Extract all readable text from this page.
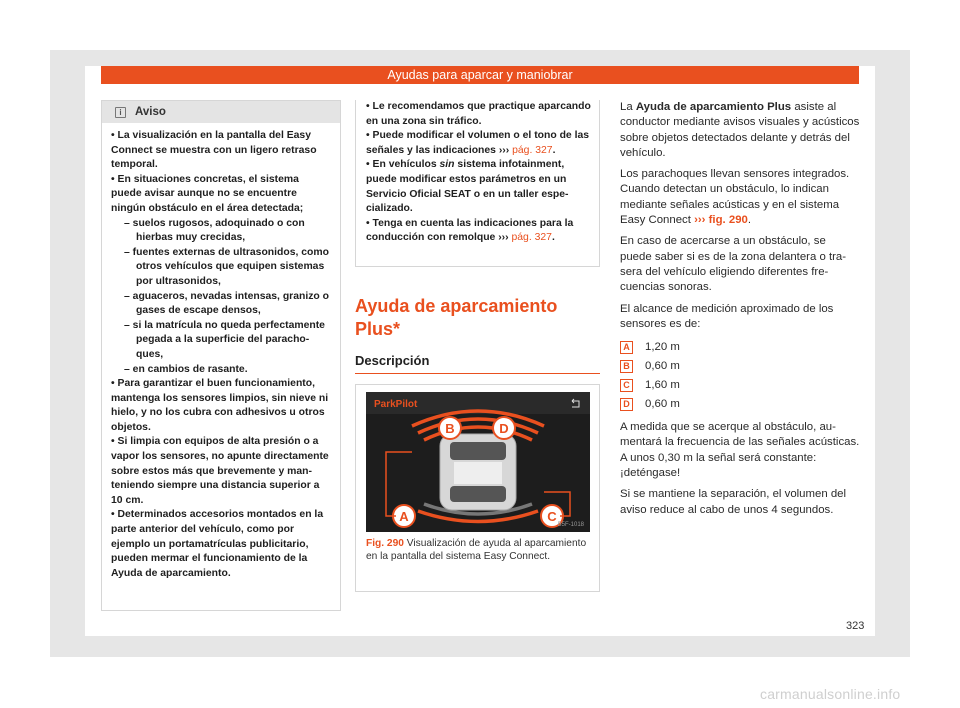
Ayudas para aparcar y maniobrar
i	Aviso

• La visualización en la pantalla del Easy Connect se muestra con un ligero retraso temporal.

• En situaciones concretas, el sistema puede avisar aunque no se encuentre ningún obstáculo en el área detectada;

– suelos rugosos, adoquinado o con hierbas muy crecidas,

– fuentes externas de ultrasonidos, como otros vehículos que equipen sistemas por ultrasonidos,

– aguaceros, nevadas intensas, granizo o gases de escape densos,

– si la matrícula no queda perfectamente pegada a la superficie del parachoques,

– en cambios de rasante.

• Para garantizar el buen funcionamiento, mantenga los sensores limpios, sin nieve ni hielo, y no los cubra con adhesivos u otros objetos.

• Si limpia con equipos de alta presión o a vapor los sensores, no apunte directamente sobre estos más que brevemente y manteniendo siempre una distancia superior a 10 cm.

• Determinados accesorios montados en la parte anterior del vehículo, como por ejemplo un portamatrículas publicitario, pueden mermar el funcionamiento de la Ayuda de aparcamiento.

• Le recomendamos que practique aparcando en una zona sin tráfico.

• Puede modificar el volumen o el tono de las señales y las indicaciones ››› pág. 327.

• En vehículos sin sistema infotainment, puede modificar estos parámetros en un Servicio Oficial SEAT o en un taller especializado.

• Tenga en cuenta las indicaciones para la conducción con remolque ››› pág. 327.

Ayuda de aparcamiento Plus*
Descripción
ParkPilot
B	D
A	C
B5F-1018
Fig. 290 Visualización de ayuda al aparcamiento en la pantalla del sistema Easy Connect.

La Ayuda de aparcamiento Plus asiste al conductor mediante avisos visuales y acústicos sobre objetos detectados delante y detrás del vehículo.

Los parachoques llevan sensores integrados. Cuando detectan un obstáculo, lo indican mediante señales acústicas y en el sistema Easy Connect ››› fig. 290.

En caso de acercarse a un obstáculo, se puede saber si es de la zona delantera o trasera del vehículo eligiendo diferentes frecuencias sonoras.

El alcance de medición aproximado de los sensores es de:

A 1,20 m
B 0,60 m
C 1,60 m
D 0,60 m

A medida que se acerque al obstáculo, aumentará la frecuencia de las señales acústicas. A unos 0,30 m la señal será constante: ¡deténgase!

Si se mantiene la separación, el volumen del aviso reduce al cabo de unos 4 segundos.

323
carmanualsonline.info
